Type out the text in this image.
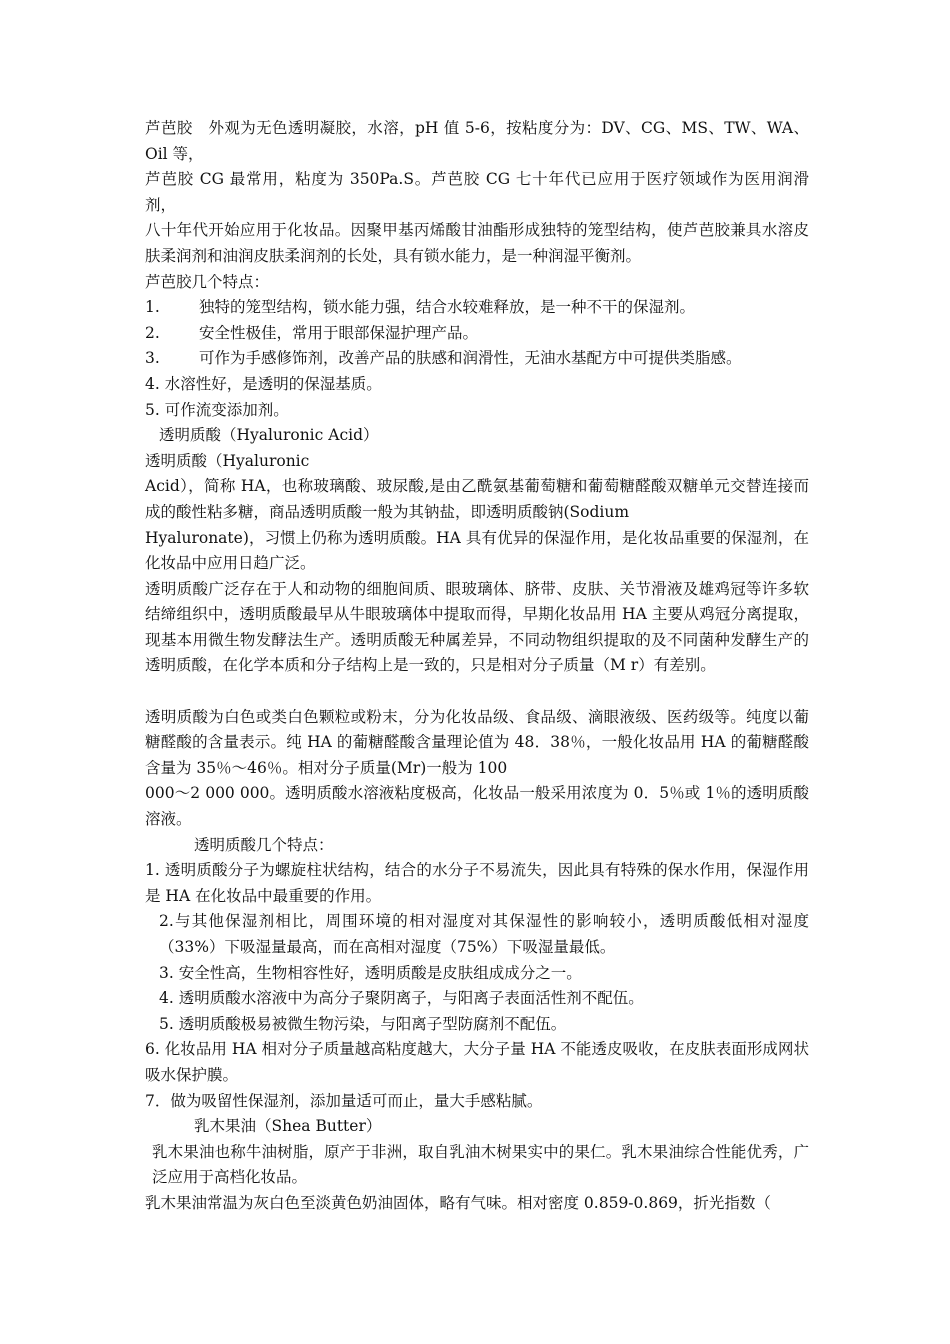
芦芭胶　外观为无色透明凝胶，水溶，pH 值 5-6，按粘度分为：DV、CG、MS、TW、WA、Oil 等，
芦芭胶 CG 最常用，粘度为 350Pa.S。芦芭胶 CG 七十年代已应用于医疗领域作为医用润滑剂，
八十年代开始应用于化妆品。因聚甲基丙烯酸甘油酯形成独特的笼型结构，使芦芭胶兼具水溶皮肤柔润剂和油润皮肤柔润剂的长处，具有锁水能力，是一种润湿平衡剂。
芦芭胶几个特点：
1.	独特的笼型结构，锁水能力强，结合水较难释放，是一种不干的保湿剂。
2.	安全性极佳，常用于眼部保湿护理产品。
3.	可作为手感修饰剂，改善产品的肤感和润滑性，无油水基配方中可提供类脂感。
4. 水溶性好，是透明的保湿基质。
5. 可作流变添加剂。
透明质酸（Hyaluronic Acid）
透明质酸（Hyaluronic
Acid），简称 HA，也称玻璃酸、玻尿酸,是由乙酰氨基葡萄糖和葡萄糖醛酸双糖单元交替连接而成的酸性粘多糖，商品透明质酸一般为其钠盐，即透明质酸钠(Sodium
Hyaluronate)，习惯上仍称为透明质酸。HA 具有优异的保湿作用，是化妆品重要的保湿剂，在化妆品中应用日趋广泛。
透明质酸广泛存在于人和动物的细胞间质、眼玻璃体、脐带、皮肤、关节滑液及雄鸡冠等许多软结缔组织中，透明质酸最早从牛眼玻璃体中提取而得，早期化妆品用 HA 主要从鸡冠分离提取，现基本用微生物发酵法生产。透明质酸无种属差异，不同动物组织提取的及不同菌种发酵生产的透明质酸，在化学本质和分子结构上是一致的，只是相对分子质量（M r）有差别。
透明质酸为白色或类白色颗粒或粉末，分为化妆品级、食品级、滴眼液级、医药级等。纯度以葡糖醛酸的含量表示。纯 HA 的葡糖醛酸含量理论值为 48．38％，一般化妆品用 HA 的葡糖醛酸含量为 35％～46％。相对分子质量(Mr)一般为 100
000～2 000 000。透明质酸水溶液粘度极高，化妆品一般采用浓度为 0．5％或 1％的透明质酸溶液。
透明质酸几个特点：
1. 透明质酸分子为螺旋柱状结构，结合的水分子不易流失，因此具有特殊的保水作用，保湿作用是 HA 在化妆品中最重要的作用。
2.与其他保湿剂相比，周围环境的相对湿度对其保湿性的影响较小，透明质酸低相对湿度（33%）下吸湿量最高，而在高相对湿度（75%）下吸湿量最低。
3. 安全性高，生物相容性好，透明质酸是皮肤组成成分之一。
4. 透明质酸水溶液中为高分子聚阴离子，与阳离子表面活性剂不配伍。
5. 透明质酸极易被微生物污染，与阳离子型防腐剂不配伍。
6. 化妆品用 HA 相对分子质量越高粘度越大，大分子量 HA 不能透皮吸收，在皮肤表面形成网状吸水保护膜。
7．做为吸留性保湿剂，添加量适可而止，量大手感粘腻。
乳木果油（Shea Butter）
乳木果油也称牛油树脂，原产于非洲，取自乳油木树果实中的果仁。乳木果油综合性能优秀，广泛应用于高档化妆品。
乳木果油常温为灰白色至淡黄色奶油固体，略有气味。相对密度 0.859-0.869，折光指数（
